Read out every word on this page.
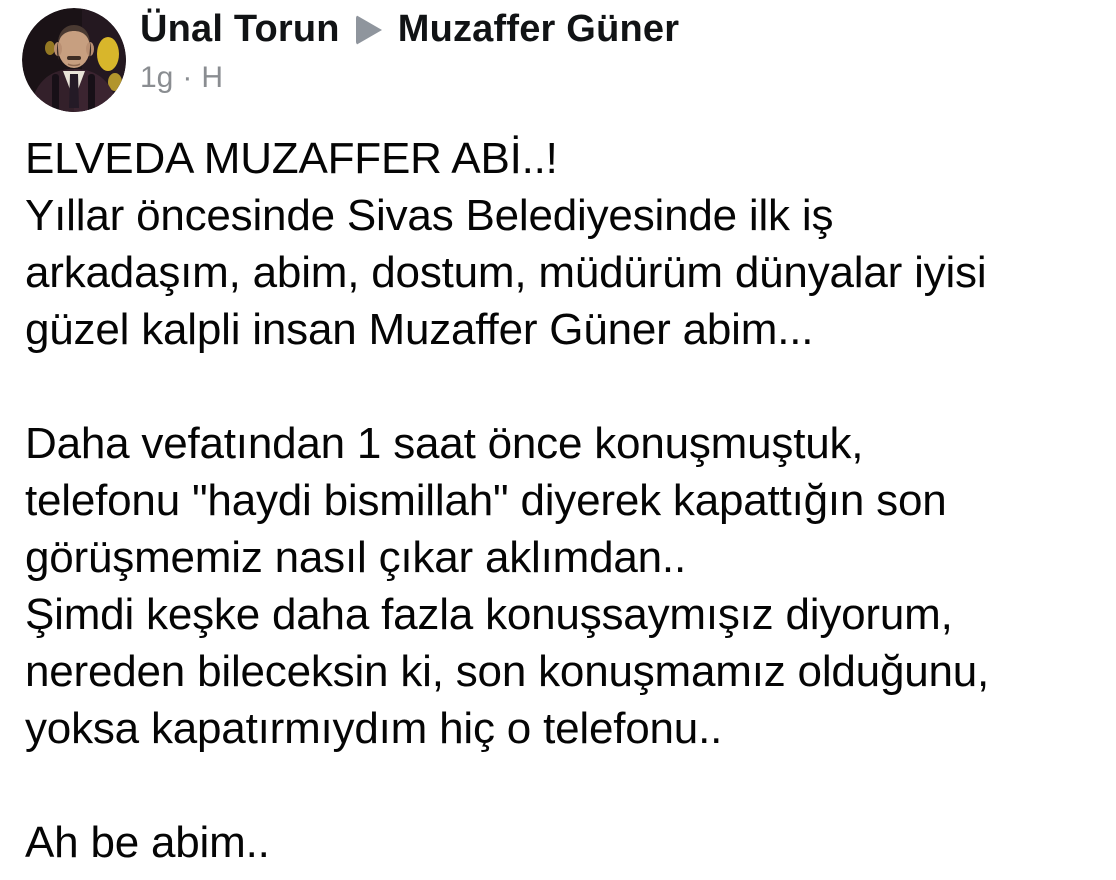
Ünal Torun Muzaffer Güner
1g · H
ELVEDA MUZAFFER ABİ..!
Yıllar öncesinde Sivas Belediyesinde ilk iş
arkadaşım, abim, dostum, müdürüm dünyalar iyisi
güzel kalpli insan Muzaffer Güner abim...

Daha vefatından 1 saat önce konuşmuştuk,
telefonu "haydi bismillah" diyerek kapattığın son
görüşmemiz nasıl çıkar aklımdan..
Şimdi keşke daha fazla konuşsaymışız diyorum,
nereden bileceksin ki, son konuşmamız olduğunu,
yoksa kapatırmıydım hiç o telefonu..

Ah be abim..
